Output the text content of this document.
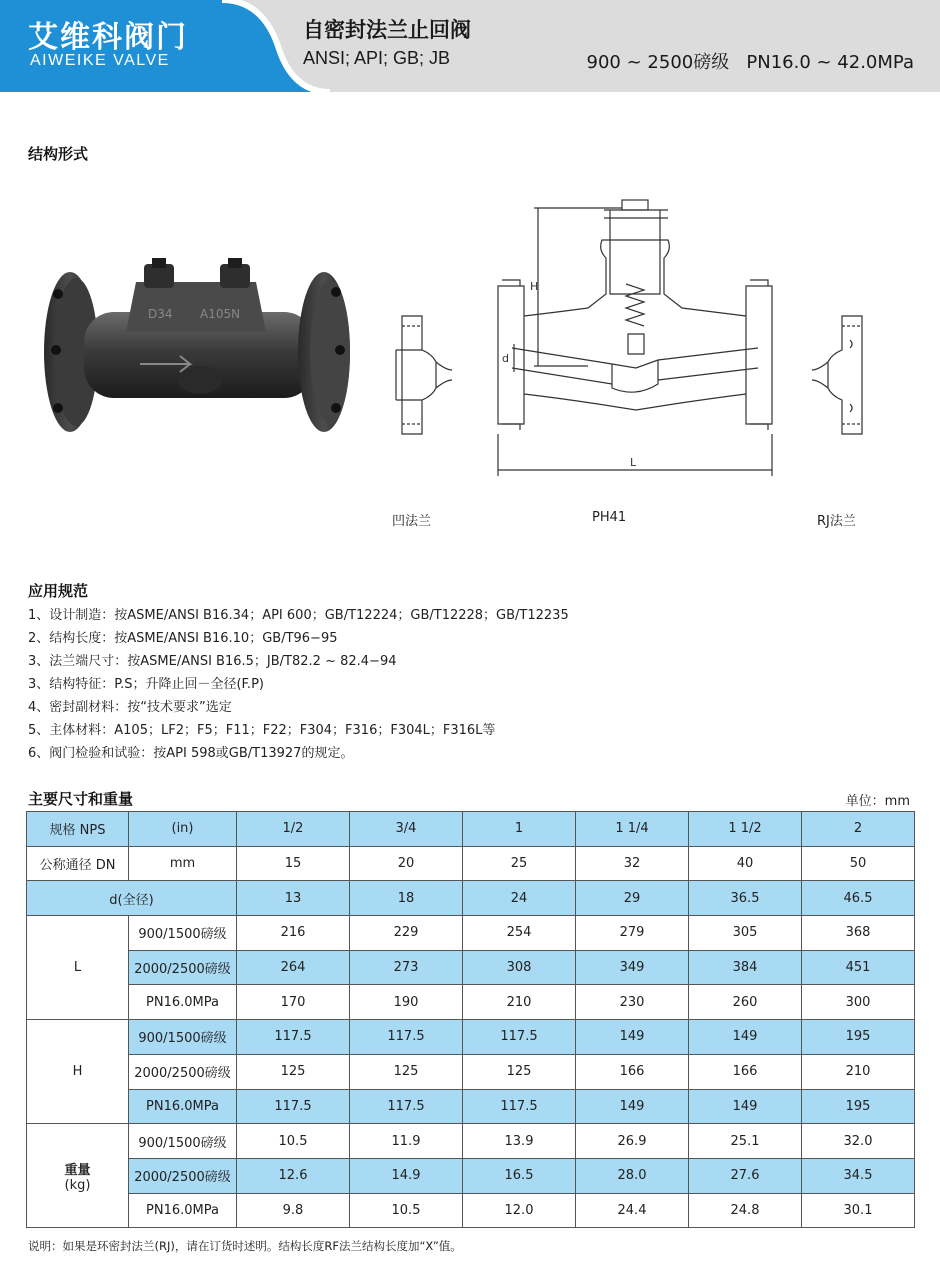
艾维科阀门
AIWEIKE VALVE
自密封法兰止回阀
ANSI; API; GB; JB	900 ~ 2500磅级   PN16.0 ~ 42.0MPa
结构形式
D34 A105N
H
d
L
凹法兰	PH41	RJ法兰
应用规范
1、设计制造：按ASME/ANSI B16.34；API 600；GB/T12224；GB/T12228；GB/T12235
2、结构长度：按ASME/ANSI B16.10；GB/T96−95
3、法兰端尺寸：按ASME/ANSI B16.5；JB/T82.2 ~ 82.4−94
3、结构特征：P.S；升降止回－全径(F.P)
4、密封副材料：按“技术要求”选定
5、主体材料：A105；LF2；F5；F11；F22；F304；F316；F304L；F316L等
6、阀门检验和试验：按API 598或GB/T13927的规定。
主要尺寸和重量	单位：mm
规格 NPS	(in)	1/2	3/4	1	1 1/4	1 1/2	2
公称通径 DN	mm	15	20	25	32	40	50
d(全径)		13	18	24	29	36.5	46.5
L	900/1500磅级	216	229	254	279	305	368
	2000/2500磅级	264	273	308	349	384	451
	PN16.0MPa	170	190	210	230	260	300
H	900/1500磅级	117.5	117.5	117.5	149	149	195
	2000/2500磅级	125	125	125	166	166	210
	PN16.0MPa	117.5	117.5	117.5	149	149	195

重量
(kg)	900/1500磅级	10.5	11.9	13.9	26.9	25.1	32.0
	2000/2500磅级	12.6	14.9	16.5	28.0	27.6	34.5
	PN16.0MPa	9.8	10.5	12.0	24.4	24.8	30.1
说明：如果是环密封法兰(RJ)，请在订货时述明。结构长度RF法兰结构长度加“X”值。
